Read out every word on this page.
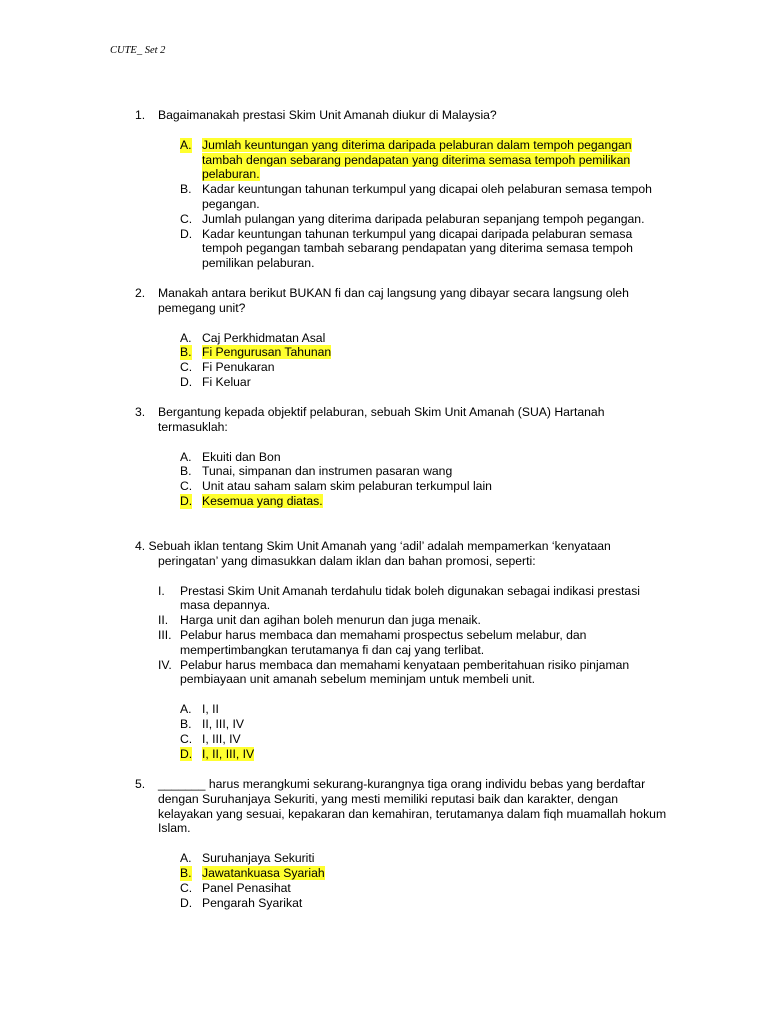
CUTE_ Set 2
1. Bagaimanakah prestasi Skim Unit Amanah diukur di Malaysia?
A. Jumlah keuntungan yang diterima daripada pelaburan dalam tempoh pegangan
tambah dengan sebarang pendapatan yang diterima semasa tempoh pemilikan
pelaburan.
B. Kadar keuntungan tahunan terkumpul yang dicapai oleh pelaburan semasa tempoh
pegangan.
C. Jumlah pulangan yang diterima daripada pelaburan sepanjang tempoh pegangan.
D. Kadar keuntungan tahunan terkumpul yang dicapai daripada pelaburan semasa
tempoh pegangan tambah sebarang pendapatan yang diterima semasa tempoh
pemilikan pelaburan.
2. Manakah antara berikut BUKAN fi dan caj langsung yang dibayar secara langsung oleh
pemegang unit?
A. Caj Perkhidmatan Asal
B. Fi Pengurusan Tahunan
C. Fi Penukaran
D. Fi Keluar
3. Bergantung kepada objektif pelaburan, sebuah Skim Unit Amanah (SUA) Hartanah
termasuklah:
A. Ekuiti dan Bon
B. Tunai, simpanan dan instrumen pasaran wang
C. Unit atau saham salam skim pelaburan terkumpul lain
D. Kesemua yang diatas.
4. Sebuah iklan tentang Skim Unit Amanah yang ‘adil’ adalah mempamerkan ‘kenyataan
peringatan’ yang dimasukkan dalam iklan dan bahan promosi, seperti:
I. Prestasi Skim Unit Amanah terdahulu tidak boleh digunakan sebagai indikasi prestasi
masa depannya.
II. Harga unit dan agihan boleh menurun dan juga menaik.
III. Pelabur harus membaca dan memahami prospectus sebelum melabur, dan
mempertimbangkan terutamanya fi dan caj yang terlibat.
IV. Pelabur harus membaca dan memahami kenyataan pemberitahuan risiko pinjaman
pembiayaan unit amanah sebelum meminjam untuk membeli unit.
A. I, II
B. II, III, IV
C. I, III, IV
D. I, II, III, IV
5. _______ harus merangkumi sekurang-kurangnya tiga orang individu bebas yang berdaftar
dengan Suruhanjaya Sekuriti, yang mesti memiliki reputasi baik dan karakter, dengan
kelayakan yang sesuai, kepakaran dan kemahiran, terutamanya dalam fiqh muamallah hokum
Islam.
A. Suruhanjaya Sekuriti
B. Jawatankuasa Syariah
C. Panel Penasihat
D. Pengarah Syarikat
